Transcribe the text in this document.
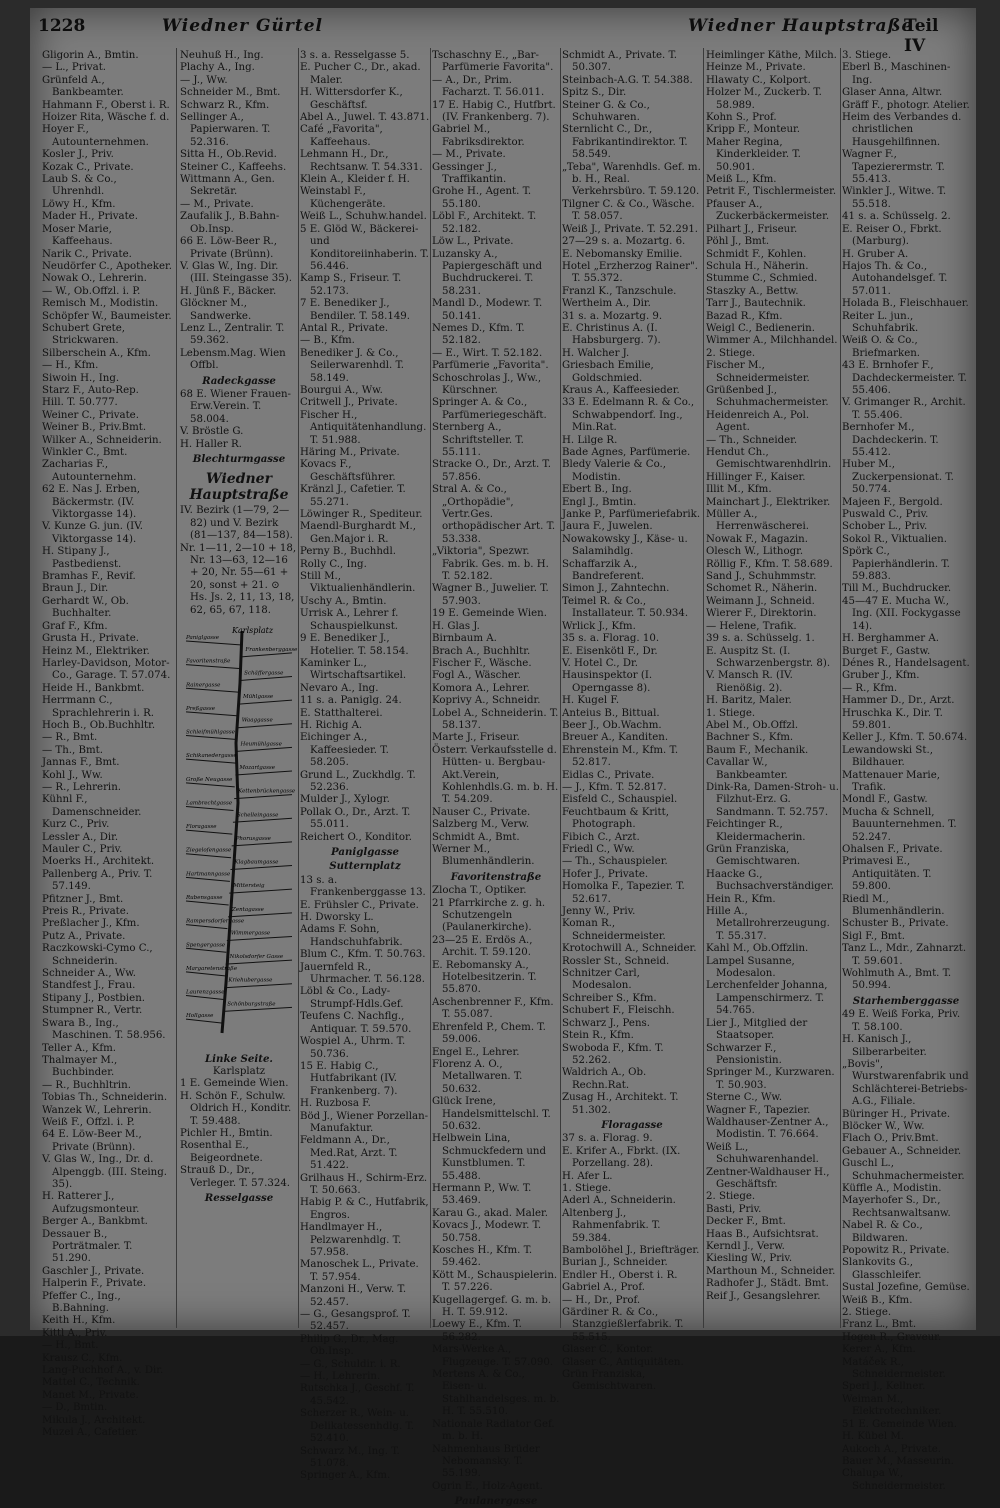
1228	Wiedner Gürtel	Wiedner Hauptstraße
Teil IV

Gligorin A., Bmtin.

— L., Privat.

Grünfeld A., Bankbeamter.

Hahmann F., Oberst i. R.

Hoizer Rita, Wäsche f. d.

Hoyer F., Autounternehmen.

Kosler J., Priv.

Kozak C., Private.

Laub S. & Co., Uhrenhdl.

Löwy H., Kfm.

Mader H., Private.

Moser Marie, Kaffeehaus.

Narik C., Private.

Neudörfer C., Apotheker.

Nowak O., Lehrerin.

— W., Ob.Offzl. i. P.

Remisch M., Modistin.

Schöpfer W., Baumeister.

Schubert Grete, Strickwaren.

Silberschein A., Kfm.

— H., Kfm.

Siwoin H., Ing.

Starz F., Auto-Rep.

Hill. T. 50.777.

Weiner C., Private.

Weiner B., Priv.Bmt.

Wilker A., Schneiderin.

Winkler C., Bmt.

Zacharias F., Autounternehm.

62 E. Nas J. Erben, Bäckermstr. (IV. Viktorgasse 14).

V. Kunze G. jun. (IV. Viktorgasse 14).

H. Stipany J., Pastbedienst.

Bramhas F., Revif.

Braun J., Dir.

Gerhardt W., Ob. Buchhalter.

Graf F., Kfm.

Grusta H., Private.

Heinz M., Elektriker.

Harley-Davidson, Motor-Co., Garage. T. 57.074.

Heide H., Bankbmt.

Herrmann C., Sprachlehrerin i. R.

Hoch B., Ob.Buchhltr.

— R., Bmt.

— Th., Bmt.

Jannas F., Bmt.

Kohl J., Ww.

— R., Lehrerin.

Kühnl F., Damenschneider.

Kurz C., Priv.

Lessler A., Dir.

Mauler C., Priv.

Moerks H., Architekt.

Pallenberg A., Priv. T. 57.149.

Pfitzner J., Bmt.

Preis R., Private.

Preßlacher J., Kfm.

Putz A., Private.

Raczkowski-Cymo C., Schneiderin.

Schneider A., Ww.

Standfest J., Frau.

Stipany J., Postbien.

Stumpner R., Vertr.

Swara B., Ing., Maschinen. T. 58.956.

Teller A., Kfm.

Thalmayer M., Buchbinder.

— R., Buchhltrin.

Tobias Th., Schneiderin.

Wanzek W., Lehrerin.

Weiß F., Offzl. i. P.

64 E. Löw-Beer M., Private (Brünn).

V. Glas W., Ing., Dr. d. Alpenggb. (III. Steing. 35).

H. Ratterer J., Aufzugsmonteur.

Berger A., Bankbmt.

Dessauer B., Porträtmaler. T. 51.290.

Gaschler J., Private.

Halperin F., Private.

Pfeffer C., Ing., B.Bahning.

Keith H., Kfm.

Kittl A., Priv.

— H., Bmt.

Krausz C., Kfm.

Lang-Puchhof A., v. Dir.

Mattel C., Technik.

Manet M., Private.

— D., Bmtin.

Mikula J., Architekt.

Muzei A., Cafetier.

Neuhuß H., Ing.

Plachy A., Ing.

— J., Ww.

Schneider M., Bmt.

Schwarz R., Kfm.

Sellinger A., Papierwaren. T. 52.316.

Sitta H., Ob.Revid.

Steiner C., Kaffeehs.

Wittmann A., Gen. Sekretär.

— M., Private.

Zaufalik J., B.Bahn-Ob.Insp.

66 E. Löw-Beer R., Private (Brünn).

V. Glas W., Ing. Dir. (III. Steingasse 35).

H. Jünß F., Bäcker.

Glöckner M., Sandwerke.

Lenz L., Zentralir. T. 59.362.

Lebensm.Mag. Wien Offbl.

Radeckgasse

68 E. Wiener Frauen-Erw.Verein. T. 58.004.

V. Bröstle G.

H. Haller R.

Blechturmgasse
Wiedner Hauptstraße

IV. Bezirk (1—79, 2—82) und V. Bezirk (81—137, 84—158).

Nr. 1—11, 2—10 + 18, Nr. 13—63, 12—16 + 20, Nr. 55—61 + 20, sonst + 21. ⊙ Hs. Js. 2, 11, 13, 18, 62, 65, 67, 118.

Karlsplatz
Paniglgasse
Frankenberggasse
Favoritenstraße
Schäffergasse
Rainergasse
Mühlgasse
Preßgasse
Waaggasse
Schleifmühlgasse
Heumühlgasse
Schikanedergasse
Mozartgasse
Große Neugasse
Kettenbrückengasse
Lambrechtgasse
Schelleingasse
Floragasse
Phorusgasse
Ziegelofengasse
Klagbaumgasse
Hartmanngasse
Mittersteig
Rubensgasse
Zentagasse
Rampersdorfergasse
Wimmergasse
Spengergasse
Nikolsdorfer Gasse
Margaretenstraße
Kriehubergasse
Laurenzgasse
Schönburgstraße
Hollgasse
Linke Seite.
Karlsplatz

1 E. Gemeinde Wien.

H. Schön F., Schulw. Oldrich H., Konditr. T. 59.488.

Pichler H., Bmtin.

Rosenthal E., Beigeordnete.

Strauß D., Dr., Verleger. T. 57.324.

Resselgasse

3 s. a. Resselgasse 5.

E. Pucher C., Dr., akad. Maler.

H. Wittersdorfer K., Geschäftsf.

Abel A., Juwel. T. 43.871.

Café „Favorita", Kaffeehaus.

Lehmann H., Dr., Rechtsanw. T. 54.331.

Klein A., Kleider f. H.

Weinstabl F., Küchengeräte.

Weiß L., Schuhw.handel.

5 E. Glöd W., Bäckerei- und Konditoreiinhaberin. T. 56.446.

Kamp S., Friseur. T. 52.173.

7 E. Benediker J., Bendiler. T. 58.149.

Antal R., Private.

— B., Kfm.

Benediker J. & Co., Seilerwarenhdl. T. 58.149.

Bourgui A., Ww.

Critwell J., Private.

Fischer H., Antiquitätenhandlung. T. 51.988.

Häring M., Private.

Kovacs F., Geschäftsführer.

Kränzl J., Cafetier. T. 55.271.

Löwinger R., Spediteur.

Maendl-Burghardt M., Gen.Major i. R.

Perny B., Buchhdl.

Rolly C., Ing.

Still M., Viktualienhändlerin.

Uschy A., Bmtin.

Urrisk A., Lehrer f. Schauspielkunst.

9 E. Benediker J., Hotelier. T. 58.154.

Kaminker L., Wirtschaftsartikel.

Nevaro A., Ing.

11 s. a. Paniglg. 24.

E. Statthalterei.

H. Richig A.

Eichinger A., Kaffeesieder. T. 58.205.

Grund L., Zuckhdlg. T. 52.236.

Mulder J., Xylogr.

Pollak O., Dr., Arzt. T. 55.011.

Reichert O., Konditor.

Paniglgasse
Sutternplatz

13 s. a. Frankenberggasse 13.

E. Frühsler C., Private.

H. Dworsky L.

Adams F. Sohn, Handschuhfabrik.

Blum C., Kfm. T. 50.763.

Jauernfeld R., Uhrmacher. T. 56.128.

Löbl & Co., Lady-Strumpf-Hdls.Gef.

Teufens C. Nachflg., Antiquar. T. 59.570.

Wospiel A., Uhrm. T. 50.736.

15 E. Habig C., Hutfabrikant (IV. Frankenberg. 7).

H. Ruzbosa F.

Böd J., Wiener Porzellan-Manufaktur.

Feldmann A., Dr., Med.Rat, Arzt. T. 51.422.

Grilhaus H., Schirm-Erz. T. 50.663.

Habig P. & C., Hutfabrik, Engros.

Handlmayer H., Pelzwarenhdlg. T. 57.958.

Manoschek L., Private. T. 57.954.

Manzoni H., Verw. T. 52.457.

— G., Gesangsprof. T. 52.457.

Philip G., Dr., Mag. Ob.Insp.

— G., Schuldir. i. R.

— H., Lehrerin.

Rutschka J., Geschf. T. 45.542.

Scherzer R., Wein- u. Delikatessenhdlg. T. 52.410.

Schwarz M., Ing. T. 51.078.

Springer A., Kfm.

Tschaschny E., „Bar-Parfümerie Favorita".

— A., Dr., Prim. Facharzt. T. 56.011.

17 E. Habig C., Hutfbrt. (IV. Frankenberg. 7).

Gabriel M., Fabriksdirektor.

— M., Private.

Gessinger J., Traffikantin.

Grohe H., Agent. T. 55.180.

Löbl F., Architekt. T. 52.182.

Löw L., Private.

Luzansky A., Papiergeschäft und Buchdruckerei. T. 58.231.

Mandl D., Modewr. T. 50.141.

Nemes D., Kfm. T. 52.182.

— E., Wirt. T. 52.182.

Parfümerie „Favorita".

Schoschrolas J., Ww., Kürschner.

Springer A. & Co., Parfümeriegeschäft.

Sternberg A., Schriftsteller. T. 55.111.

Stracke O., Dr., Arzt. T. 57.856.

Stral A. & Co., „Orthopädie", Vertr.Ges. orthopädischer Art. T. 53.338.

„Viktoria", Spezwr. Fabrik. Ges. m. b. H. T. 52.182.

Wagner B., Juwelier. T. 57.903.

19 E. Gemeinde Wien.

H. Glas J.

Birnbaum A.

Brach A., Buchhltr.

Fischer F., Wäsche.

Fogl A., Wäscher.

Komora A., Lehrer.

Koprivy A., Schneidr.

Lobel A., Schneiderin. T. 58.137.

Marte J., Friseur.

Österr. Verkaufsstelle d. Hütten- u. Bergbau-Akt.Verein, Kohlenhdls.G. m. b. H. T. 54.209.

Nauser C., Private.

Salzberg M., Verw.

Schmidt A., Bmt.

Werner M., Blumenhändlerin.

Favoritenstraße

Zlocha T., Optiker.

21 Pfarrkirche z. g. h. Schutzengeln (Paulanerkirche).

23—25 E. Erdös A., Archit. T. 59.120.

E. Rebomansky A., Hotelbesitzerin. T. 55.870.

Aschenbrenner F., Kfm. T. 55.087.

Ehrenfeld P., Chem. T. 59.006.

Engel E., Lehrer.

Florenz A. O., Metallwaren. T. 50.632.

Glück Irene, Handelsmittelschl. T. 50.632.

Helbwein Lina, Schmuckfedern und Kunstblumen. T. 55.488.

Hermann P., Ww. T. 53.469.

Karau G., akad. Maler.

Kovacs J., Modewr. T. 50.758.

Kosches H., Kfm. T. 59.462.

Kött M., Schauspielerin. T. 57.226.

Kugellagergef. G. m. b. H. T. 59.912.

Loewy E., Kfm. T. 56.282.

Mars-Werke A., Flugzeuge. T. 57.090.

Mertens A. & Co., Eisen- u. Stahlhandelsges. m. b. H. T. 55.510.

Nationale Radiator Gef. m. b. H.

Nahmenhaus Brüder Nebomansky. T. 55.199.

Ogrin E., Holz-Agent.

Paulanergasse

Schmidt A., Private. T. 50.307.

Steinbach-A.G. T. 54.388.

Spitz S., Dir.

Steiner G. & Co., Schuhwaren.

Sternlicht C., Dr., Fabrikantindirektor. T. 58.549.

„Teba", Warenhdls. Gef. m. b. H., Real. Verkehrsbüro. T. 59.120.

Tilgner C. & Co., Wäsche. T. 58.057.

Weiß J., Private. T. 52.291.

27—29 s. a. Mozartg. 6.

E. Nebomansky Emilie.

Hotel „Erzherzog Rainer". T. 55.372.

Franzl K., Tanzschule.

Wertheim A., Dir.

31 s. a. Mozartg. 9.

E. Christinus A. (I. Habsburgerg. 7).

H. Walcher J.

Griesbach Emilie, Goldschmied.

Kraus A., Kaffeesieder.

33 E. Edelmann R. & Co., Schwabpendorf. Ing., Min.Rat.

H. Lilge R.

Bade Agnes, Parfümerie.

Bledy Valerie & Co., Modistin.

Ebert B., Ing.

Engl J., Bmtin.

Janke P., Parfümeriefabrik.

Jaura F., Juwelen.

Nowakowsky J., Käse- u. Salamihdlg.

Schaffarzik A., Bandreferent.

Simon J., Zahntechn.

Teimel R. & Co., Installateur. T. 50.934.

Wrlick J., Kfm.

35 s. a. Florag. 10.

E. Eisenkötl F., Dr.

V. Hotel C., Dr.

Hausinspektor (I. Operngasse 8).

H. Kugel F.

Anteius B., Bittual.

Beer J., Ob.Wachm.

Breuer A., Kanditen.

Ehrenstein M., Kfm. T. 52.817.

Eidlas C., Private.

— J., Kfm. T. 52.817.

Eisfeld C., Schauspiel.

Feuchtbaum & Kritt, Photograph.

Fibich C., Arzt.

Friedl C., Ww.

— Th., Schauspieler.

Hofer J., Private.

Homolka F., Tapezier. T. 52.617.

Jenny W., Priv.

Koman R., Schneidermeister.

Krotochwill A., Schneider.

Rossler St., Schneid.

Schnitzer Carl, Modesalon.

Schreiber S., Kfm.

Schubert F., Fleischh.

Schwarz J., Pens.

Stein R., Kfm.

Swoboda F., Kfm. T. 52.262.

Waldrich A., Ob. Rechn.Rat.

Zusag H., Architekt. T. 51.302.

Floragasse

37 s. a. Florag. 9.

E. Krifer A., Fbrkt. (IX. Porzellang. 28).

H. Afer L.

1. Stiege.

Aderl A., Schneiderin.

Altenberg J., Rahmenfabrik. T. 59.384.

Bambolöhel J., Briefträger.

Burian J., Schneider.

Endler H., Oberst i. R.

Gabriel A., Prof.

— H., Dr., Prof.

Gärdiner R. & Co., Stanzgießlerfabrik. T. 55.515.

Glaser C., Kontor.

Glaser C., Antiquitäten.

Grün Franziska, Gemischtwaren.

Heimlinger Käthe, Milch.

Heinze M., Private.

Hlawaty C., Kolport.

Holzer M., Zuckerb. T. 58.989.

Kohn S., Prof.

Kripp F., Monteur.

Maher Regina, Kinderkleider. T. 50.901.

Meiß L., Kfm.

Petrit F., Tischlermeister.

Pfauser A., Zuckerbäckermeister.

Pilhart J., Friseur.

Pöhl J., Bmt.

Schmidt F., Kohlen.

Schula H., Näherin.

Stumme C., Schmied.

Staszky A., Bettw.

Tarr J., Bautechnik.

Bazad R., Kfm.

Weigl C., Bedienerin.

Wimmer A., Milchhandel.

2. Stiege.

Fischer M., Schneidermeister.

Grüßenbed J., Schuhmachermeister.

Heidenreich A., Pol. Agent.

— Th., Schneider.

Hendut Ch., Gemischtwarenhdlrin.

Hillinger F., Kaiser.

Illit M., Kfm.

Mainchart J., Elektriker.

Müller A., Herrenwäscherei.

Nowak F., Magazin.

Olesch W., Lithogr.

Röllig F., Kfm. T. 58.689.

Sand J., Schuhmmstr.

Schomet R., Näherin.

Weimann J., Schneid.

Wierer F., Direktorin.

— Helene, Trafik.

39 s. a. Schüsselg. 1.

E. Auspitz St. (I. Schwarzenbergstr. 8).

V. Mansch R. (IV. Rienößig. 2).

H. Baritz, Maler.

1. Stiege.

Abel M., Ob.Offzl.

Bachner S., Kfm.

Baum F., Mechanik.

Cavallar W., Bankbeamter.

Dink-Ra, Damen-Stroh- u. Filzhut-Erz. G. Sandmann. T. 52.757.

Feichtinger R., Kleidermacherin.

Grün Franziska, Gemischtwaren.

Haacke G., Buchsachverständiger.

Hein R., Kfm.

Hille A., Metallrohrerzeugung. T. 55.317.

Kahl M., Ob.Offzlin.

Lampel Susanne, Modesalon.

Lerchenfelder Johanna, Lampenschirmerz. T. 54.765.

Lier J., Mitglied der Staatsoper.

Schwarzer F., Pensionistin.

Springer M., Kurzwaren. T. 50.903.

Sterne C., Ww.

Wagner F., Tapezier.

Waldhauser-Zentner A., Modistin. T. 76.664.

Weiß L., Schuhwarenhandel.

Zentner-Waldhauser H., Geschäftsfr.

2. Stiege.

Basti, Priv.

Decker F., Bmt.

Haas B., Aufsichtsrat.

Kerndl J., Verw.

Kiesling W., Priv.

Marthoun M., Schneider.

Radhofer J., Städt. Bmt.

Reif J., Gesangslehrer.

3. Stiege.

Eberl B., Maschinen-Ing.

Glaser Anna, Altwr.

Gräff F., photogr. Atelier.

Heim des Verbandes d. christlichen Hausgehilfinnen.

Wagner F., Tapezierermstr. T. 55.413.

Winkler J., Witwe. T. 55.518.

41 s. a. Schüsselg. 2.

E. Reiser O., Fbrkt. (Marburg).

H. Gruber A.

Hajos Th. & Co., Autohandelsgef. T. 57.011.

Holada B., Fleischhauer.

Reiter L. jun., Schuhfabrik.

Weiß O. & Co., Briefmarken.

43 E. Brnhofer F., Dachdeckermeister. T. 55.406.

V. Grimanger R., Archit. T. 55.406.

Bernhofer M., Dachdeckerin. T. 55.412.

Huber M., Zuckerpensionat. T. 50.774.

Majeen F., Bergold.

Puswald C., Priv.

Schober L., Priv.

Sokol R., Viktualien.

Spörk C., Papierhändlerin. T. 59.883.

Till M., Buchdrucker.

45—47 E. Mucha W., Ing. (XII. Fockygasse 14).

H. Berghammer A.

Burget F., Gastw.

Dénes R., Handelsagent.

Gruber J., Kfm.

— R., Kfm.

Hammer D., Dr., Arzt.

Hruschka K., Dir. T. 59.801.

Keller J., Kfm. T. 50.674.

Lewandowski St., Bildhauer.

Mattenauer Marie, Trafik.

Mondl F., Gastw.

Mucha & Schnell, Bauunternehmen. T. 52.247.

Ohalsen F., Private.

Primavesi E., Antiquitäten. T. 59.800.

Riedl M., Blumenhändlerin.

Schuster B., Private.

Sigl F., Bmt.

Tanz L., Mdr., Zahnarzt. T. 59.601.

Wohlmuth A., Bmt. T. 50.994.

Starhemberggasse

49 E. Weiß Forka, Priv. T. 58.100.

H. Kanisch J., Silberarbeiter.

„Bovis", Wurstwarenfabrik und Schlächterei-Betriebs-A.G., Filiale.

Büringer H., Private.

Blöcker W., Ww.

Flach O., Priv.Bmt.

Gebauer A., Schneider.

Guschl L., Schuhmachermeister.

Küffle A., Modistin.

Mayerhofer S., Dr., Rechtsanwaltsanw.

Nabel R. & Co., Bildwaren.

Popowitz R., Private.

Slankovits G., Glasschleifer.

Sustal Jozefine, Gemüse.

Weiß B., Kfm.

2. Stiege.

Franz L., Bmt.

Hogen R., Graveur.

Kerer A., Kfm.

Matáček R., Schneidermeister.

Sperl J., Kellner.

Weiman M., Elektrotechniker.

51 E. Gemeinde Wien.

H. Kübel M.

Aukoch A., Private.

Bauer M., Masseurin.

Chalupa W., Schneidermeister.
